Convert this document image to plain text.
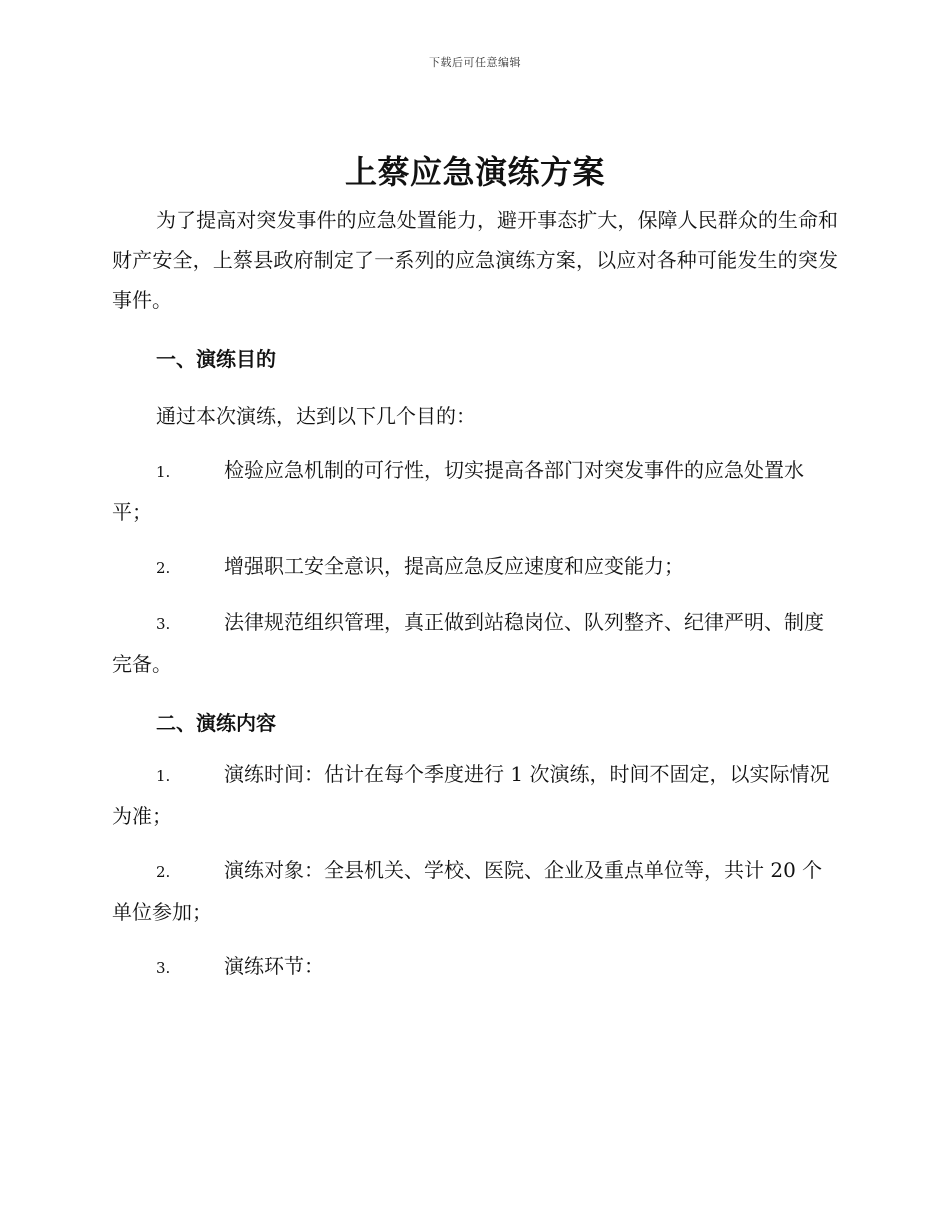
下载后可任意编辑
上蔡应急演练方案

为了提高对突发事件的应急处置能力，避开事态扩大，保障人民群众的生命和财产安全，上蔡县政府制定了一系列的应急演练方案，以应对各种可能发生的突发事件。

一、演练目的

通过本次演练，达到以下几个目的：

1.	检验应急机制的可行性，切实提高各部门对突发事件的应急处置水平；
2.	增强职工安全意识，提高应急反应速度和应变能力；
3.	法律规范组织管理，真正做到站稳岗位、队列整齐、纪律严明、制度完备。
二、演练内容
1.	演练时间：估计在每个季度进行 1 次演练，时间不固定，以实际情况为准；
2.	演练对象：全县机关、学校、医院、企业及重点单位等，共计 20 个单位参加；
3.	演练环节：
